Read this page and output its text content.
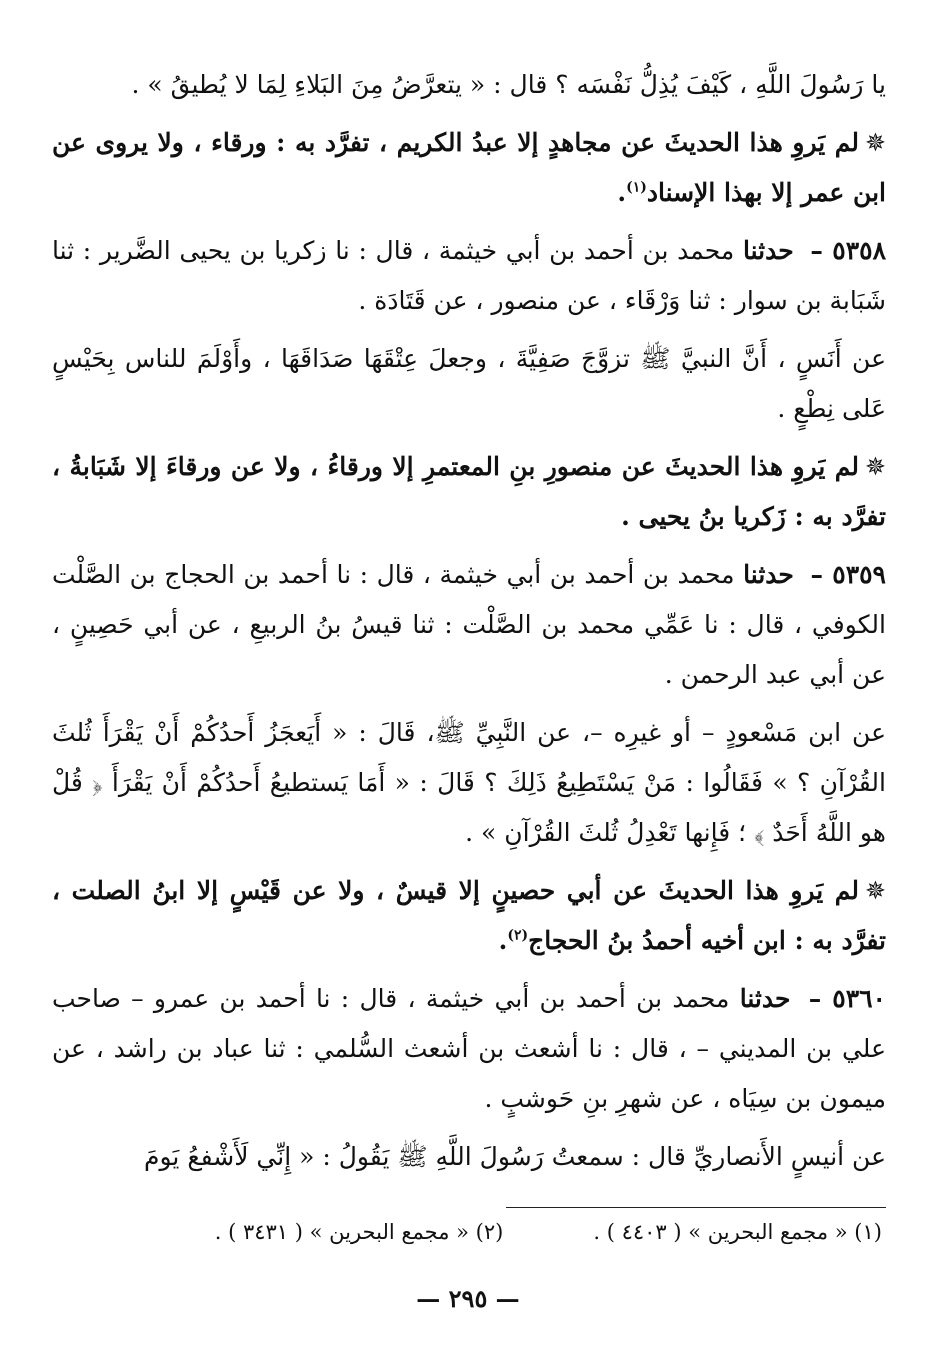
يا رَسُولَ اللَّهِ ، كَيْفَ يُذِلُّ نَفْسَه ؟ قال : « يتعرَّضُ مِنَ البَلاءِ لِمَا لا يُطيقُ » .

✵لم يَروِ هذا الحديثَ عن مجاهدٍ إلا عبدُ الكريم ، تفرَّد به : ورقاء ، ولا يروى عن ابن عمر إلا بهذا الإسناد$^{(١)}$.

٥٣٥٨ – حدثنا محمد بن أحمد بن أبي خيثمة ، قال : نا زكريا بن يحيى الضَّرير : ثنا شَبَابة بن سوار : ثنا وَرْقَاء ، عن منصور ، عن قَتَادَة .

عن أَنَسٍ ، أَنَّ النبيَّ ﷺ تزوَّجَ صَفِيَّةَ ، وجعلَ عِتْقَهَا صَدَاقَهَا ، وأَوْلَمَ للناس بِحَيْسٍ عَلى نِطْعٍ .

✵لم يَروِ هذا الحديثَ عن منصورِ بنِ المعتمرِ إلا ورقاءُ ، ولا عن ورقاءَ إلا شَبَابةُ ، تفرَّد به : زَكريا بنُ يحيى .

٥٣٥٩ – حدثنا محمد بن أحمد بن أبي خيثمة ، قال : نا أحمد بن الحجاج بن الصَّلْت الكوفي ، قال : نا عَمِّي محمد بن الصَّلْت : ثنا قيسُ بنُ الربيعِ ، عن أبي حَصِينٍ ، عن أبي عبد الرحمن .

عن ابن مَسْعودٍ – أو غيرِه –، عن النَّبِيِّ ﷺ، قَالَ : « أَيَعجَزُ أَحدُكُمْ أَنْ يَقْرَأَ ثُلثَ القُرْآنِ ؟ » فَقَالُوا : مَنْ يَسْتَطِيعُ ذَلِكَ ؟ قَالَ : « أَمَا يَستطيعُ أَحدُكُمْ أَنْ يَقْرَأَ ﴿ قُلْ هو اللَّهُ أَحَدٌ ﴾ ؛ فَإِنها تَعْدِلُ ثُلثَ القُرْآنِ » .

✵لم يَروِ هذا الحديثَ عن أبي حصينٍ إلا قيسٌ ، ولا عن قَيْسٍ إلا ابنُ الصلت ، تفرَّد به : ابن أخيه أحمدُ بنُ الحجاج$^{(٢)}$.

٥٣٦٠ – حدثنا محمد بن أحمد بن أبي خيثمة ، قال : نا أحمد بن عمرو – صاحب علي بن المديني – ، قال : نا أشعث بن أشعث السُّلمي : ثنا عباد بن راشد ، عن ميمون بن سِيَاه ، عن شهرِ بنِ حَوشبٍ .

عن أنيسٍ الأَنصاريِّ قال : سمعتُ رَسُولَ اللَّهِ ﷺ يَقُولُ : « إِنِّي لَأَشْفعُ يَومَ

(١) « مجمع البحرين » ( ٤٤٠٣ ) .
(٢) « مجمع البحرين » ( ٣٤٣١ ) .
— ٢٩٥ —
